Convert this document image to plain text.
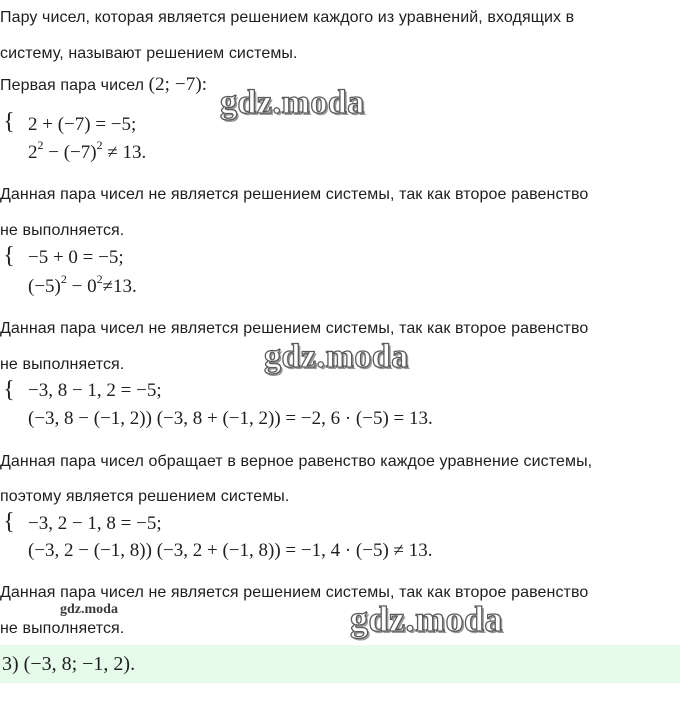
Пару чисел, которая является решением каждого из уравнений, входящих в
систему, называют решением системы.
Первая пара чисел (2; −7):
{ 2 + (−7) = −5;
$2^2 - (-7)^2 \ne 13$.
Данная пара чисел не является решением системы, так как второе равенство
не выполняется.
{ −5 + 0 = −5;
$(-5)^2 - 0^2\ne 13$.
Данная пара чисел не является решением системы, так как второе равенство
не выполняется.
{ −3, 8 − 1, 2 = −5;
(−3, 8 − (−1, 2)) (−3, 8 + (−1, 2)) = −2, 6 · (−5) = 13.
Данная пара чисел обращает в верное равенство каждое уравнение системы,
поэтому является решением системы.
{ −3, 2 − 1, 8 = −5;
(−3, 2 − (−1, 8)) (−3, 2 + (−1, 8)) = −1, 4 · (−5) ≠ 13.
Данная пара чисел не является решением системы, так как второе равенство
не выполняется.
3) (−3, 8; −1, 2).
gdz.moda
gdz.moda
gdz.moda
gdz.moda
